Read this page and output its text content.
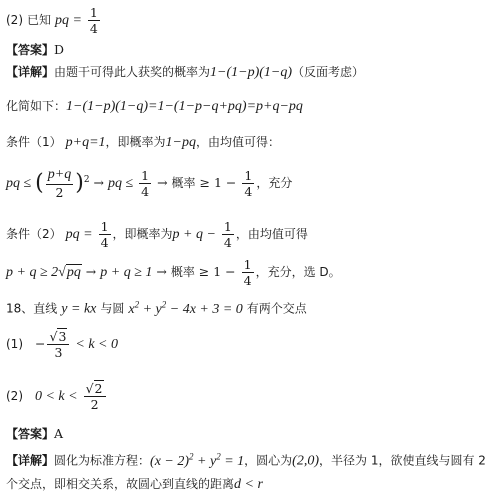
(2) 已知 pq = $\frac{1}{4}$
【答案】D
【详解】由题干可得此人获奖的概率为1−(1−p)(1−q)（反面考虑）
化简如下：1−(1−p)(1−q)=1−(1−p−q+pq)=p+q−pq
条件（1） p+q=1，即概率为1−pq，由均值可得：
pq ≤ ( $\frac{p+q}{2} )^2$ → pq ≤ $\frac{1}{4}$ → 概率 ≥ $1 - \frac{1}{4}$ ，充分
条件（2） pq = $\frac{1}{4}$ ，即概率为$p + q - \frac{1}{4}$ ，由均值可得
p + q ≥ 2√pq → p + q ≥ 1 → 概率 ≥ $1 - \frac{1}{4}$ ，充分，选 D。
18、直线 y = kx 与圆 $x^2 + y^2 - 4x + 3 = 0$ 有两个交点
$(1) - \frac{√3}{3} < k < 0$
(2) $0 < k < \frac{√2}{2}$
【答案】A
【详解】圆化为标准方程：$(x - 2)^2 + y^2 = 1$，圆心为(2,0)，半径为 1，欲使直线与圆有 2
个交点，即相交关系，故圆心到直线的距离d < r
